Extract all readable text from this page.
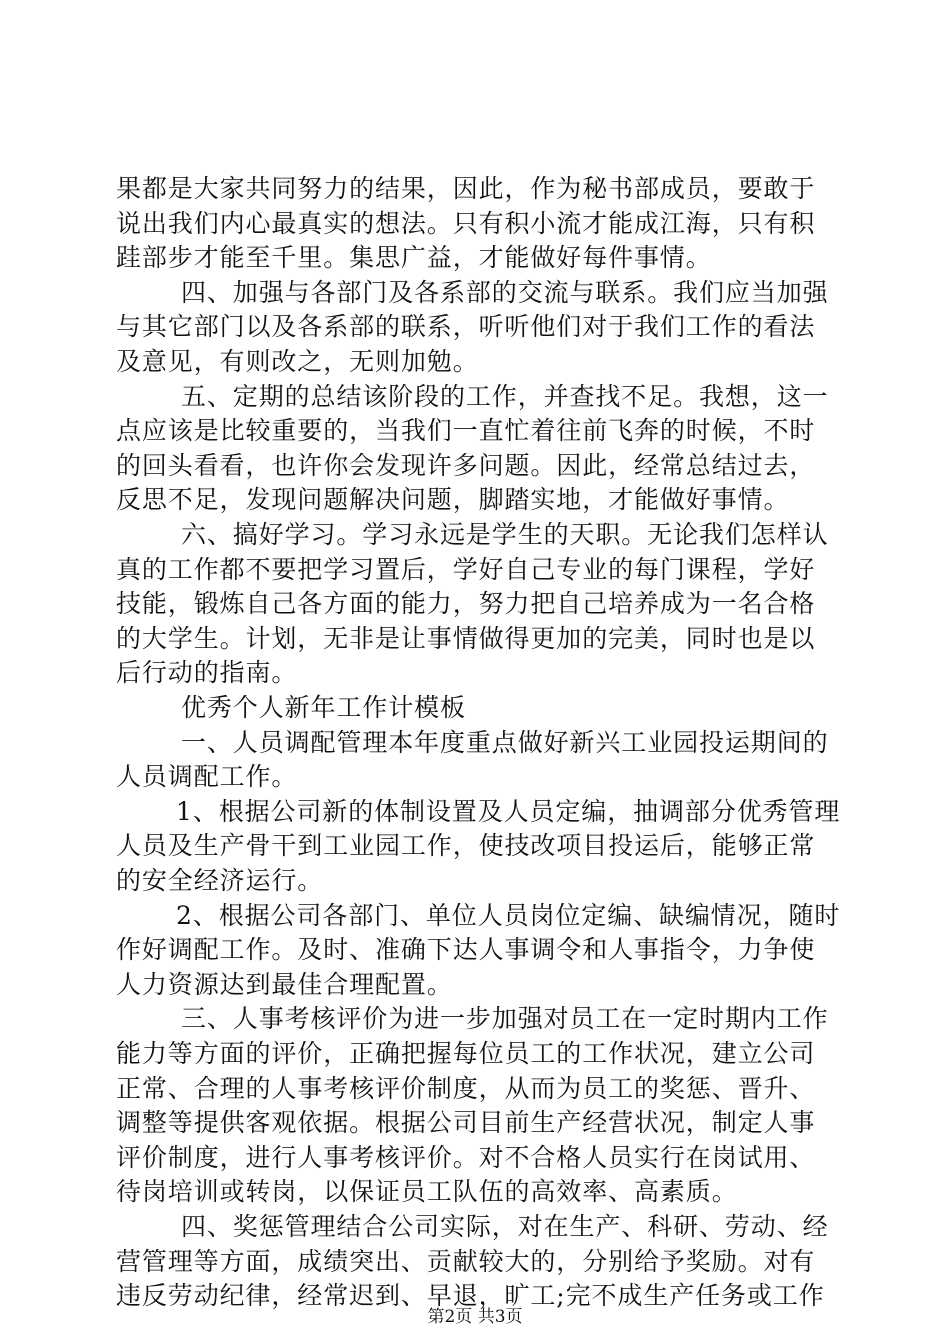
果都是大家共同努力的结果，因此，作为秘书部成员，要敢于
说出我们内心最真实的想法。只有积小流才能成江海，只有积
跬部步才能至千里。集思广益，才能做好每件事情。
四、加强与各部门及各系部的交流与联系。我们应当加强
与其它部门以及各系部的联系，听听他们对于我们工作的看法
及意见，有则改之，无则加勉。
五、定期的总结该阶段的工作，并查找不足。我想，这一
点应该是比较重要的，当我们一直忙着往前飞奔的时候，不时
的回头看看，也许你会发现许多问题。因此，经常总结过去，
反思不足，发现问题解决问题，脚踏实地，才能做好事情。
六、搞好学习。学习永远是学生的天职。无论我们怎样认
真的工作都不要把学习置后，学好自己专业的每门课程，学好
技能，锻炼自己各方面的能力，努力把自己培养成为一名合格
的大学生。计划，无非是让事情做得更加的完美，同时也是以
后行动的指南。
优秀个人新年工作计模板
一、人员调配管理本年度重点做好新兴工业园投运期间的
人员调配工作。
1、根据公司新的体制设置及人员定编，抽调部分优秀管理
人员及生产骨干到工业园工作，使技改项目投运后，能够正常
的安全经济运行。
2、根据公司各部门、单位人员岗位定编、缺编情况，随时
作好调配工作。及时、准确下达人事调令和人事指令，力争使
人力资源达到最佳合理配置。
三、人事考核评价为进一步加强对员工在一定时期内工作
能力等方面的评价，正确把握每位员工的工作状况，建立公司
正常、合理的人事考核评价制度，从而为员工的奖惩、晋升、
调整等提供客观依据。根据公司目前生产经营状况，制定人事
评价制度，进行人事考核评价。对不合格人员实行在岗试用、
待岗培训或转岗，以保证员工队伍的高效率、高素质。
四、奖惩管理结合公司实际，对在生产、科研、劳动、经
营管理等方面，成绩突出、贡献较大的，分别给予奖励。对有
违反劳动纪律，经常迟到、早退，旷工;完不成生产任务或工作
第2页 共3页
